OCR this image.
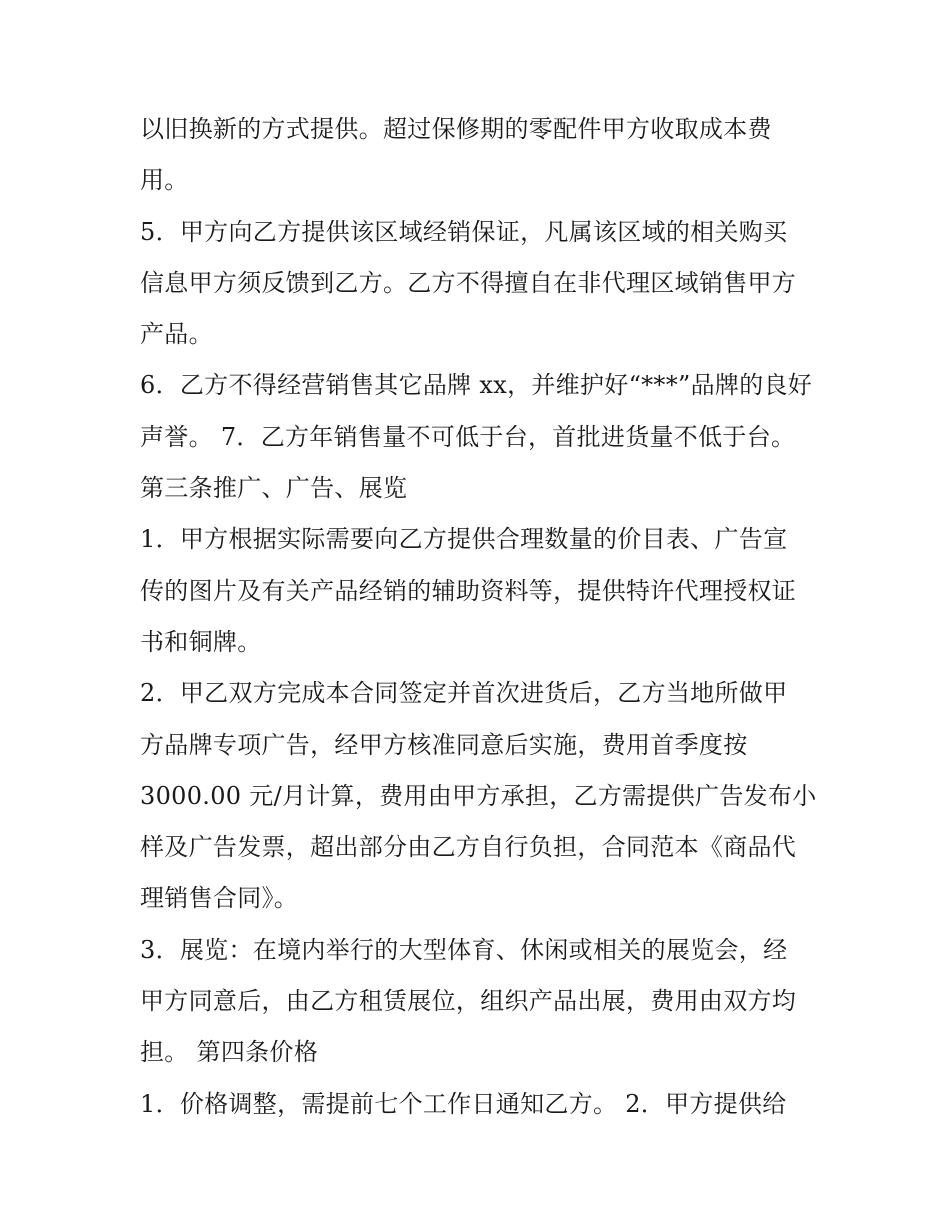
以旧换新的方式提供。超过保修期的零配件甲方收取成本费
用。
5．甲方向乙方提供该区域经销保证，凡属该区域的相关购买
信息甲方须反馈到乙方。乙方不得擅自在非代理区域销售甲方
产品。
6．乙方不得经营销售其它品牌 xx，并维护好“***”品牌的良好
声誉。 7．乙方年销售量不可低于台，首批进货量不低于台。
第三条推广、广告、展览
1．甲方根据实际需要向乙方提供合理数量的价目表、广告宣
传的图片及有关产品经销的辅助资料等，提供特许代理授权证
书和铜牌。
2．甲乙双方完成本合同签定并首次进货后，乙方当地所做甲
方品牌专项广告，经甲方核准同意后实施，费用首季度按
3000.00 元/月计算，费用由甲方承担，乙方需提供广告发布小
样及广告发票，超出部分由乙方自行负担，合同范本《商品代
理销售合同》。
3．展览：在境内举行的大型体育、休闲或相关的展览会，经
甲方同意后，由乙方租赁展位，组织产品出展，费用由双方均
担。 第四条价格
1．价格调整，需提前七个工作日通知乙方。 2．甲方提供给
